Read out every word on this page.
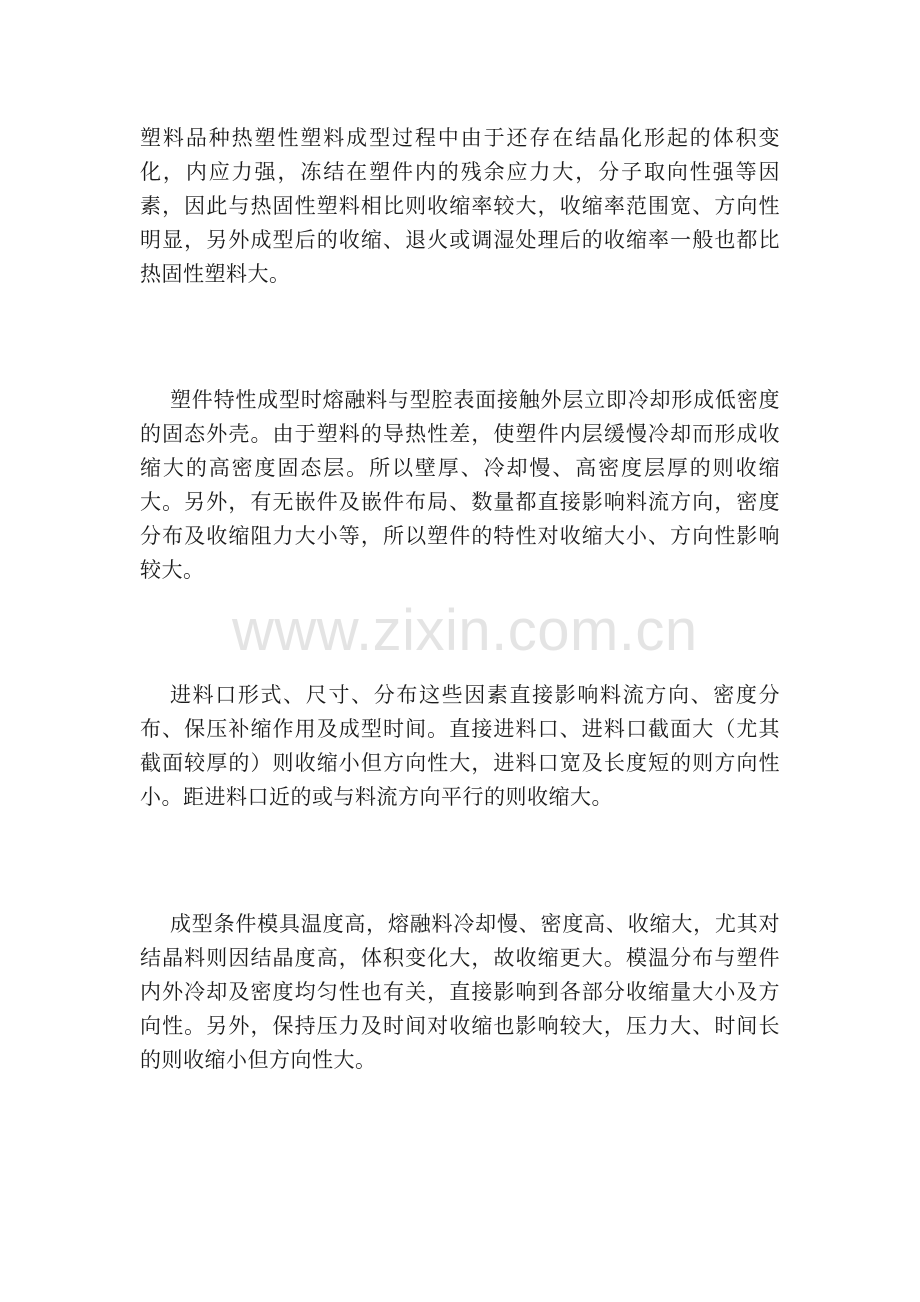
塑料品种热塑性塑料成型过程中由于还存在结晶化形起的体积变化，内应力强，冻结在塑件内的残余应力大，分子取向性强等因素，因此与热固性塑料相比则收缩率较大，收缩率范围宽、方向性明显，另外成型后的收缩、退火或调湿处理后的收缩率一般也都比热固性塑料大。

塑件特性成型时熔融料与型腔表面接触外层立即冷却形成低密度的固态外壳。由于塑料的导热性差，使塑件内层缓慢冷却而形成收缩大的高密度固态层。所以壁厚、冷却慢、高密度层厚的则收缩大。另外，有无嵌件及嵌件布局、数量都直接影响料流方向，密度分布及收缩阻力大小等，所以塑件的特性对收缩大小、方向性影响较大。

进料口形式、尺寸、分布这些因素直接影响料流方向、密度分布、保压补缩作用及成型时间。直接进料口、进料口截面大（尤其截面较厚的）则收缩小但方向性大，进料口宽及长度短的则方向性小。距进料口近的或与料流方向平行的则收缩大。

成型条件模具温度高，熔融料冷却慢、密度高、收缩大，尤其对结晶料则因结晶度高，体积变化大，故收缩更大。模温分布与塑件内外冷却及密度均匀性也有关，直接影响到各部分收缩量大小及方向性。另外，保持压力及时间对收缩也影响较大，压力大、时间长的则收缩小但方向性大。

www.zixin.com.cn
